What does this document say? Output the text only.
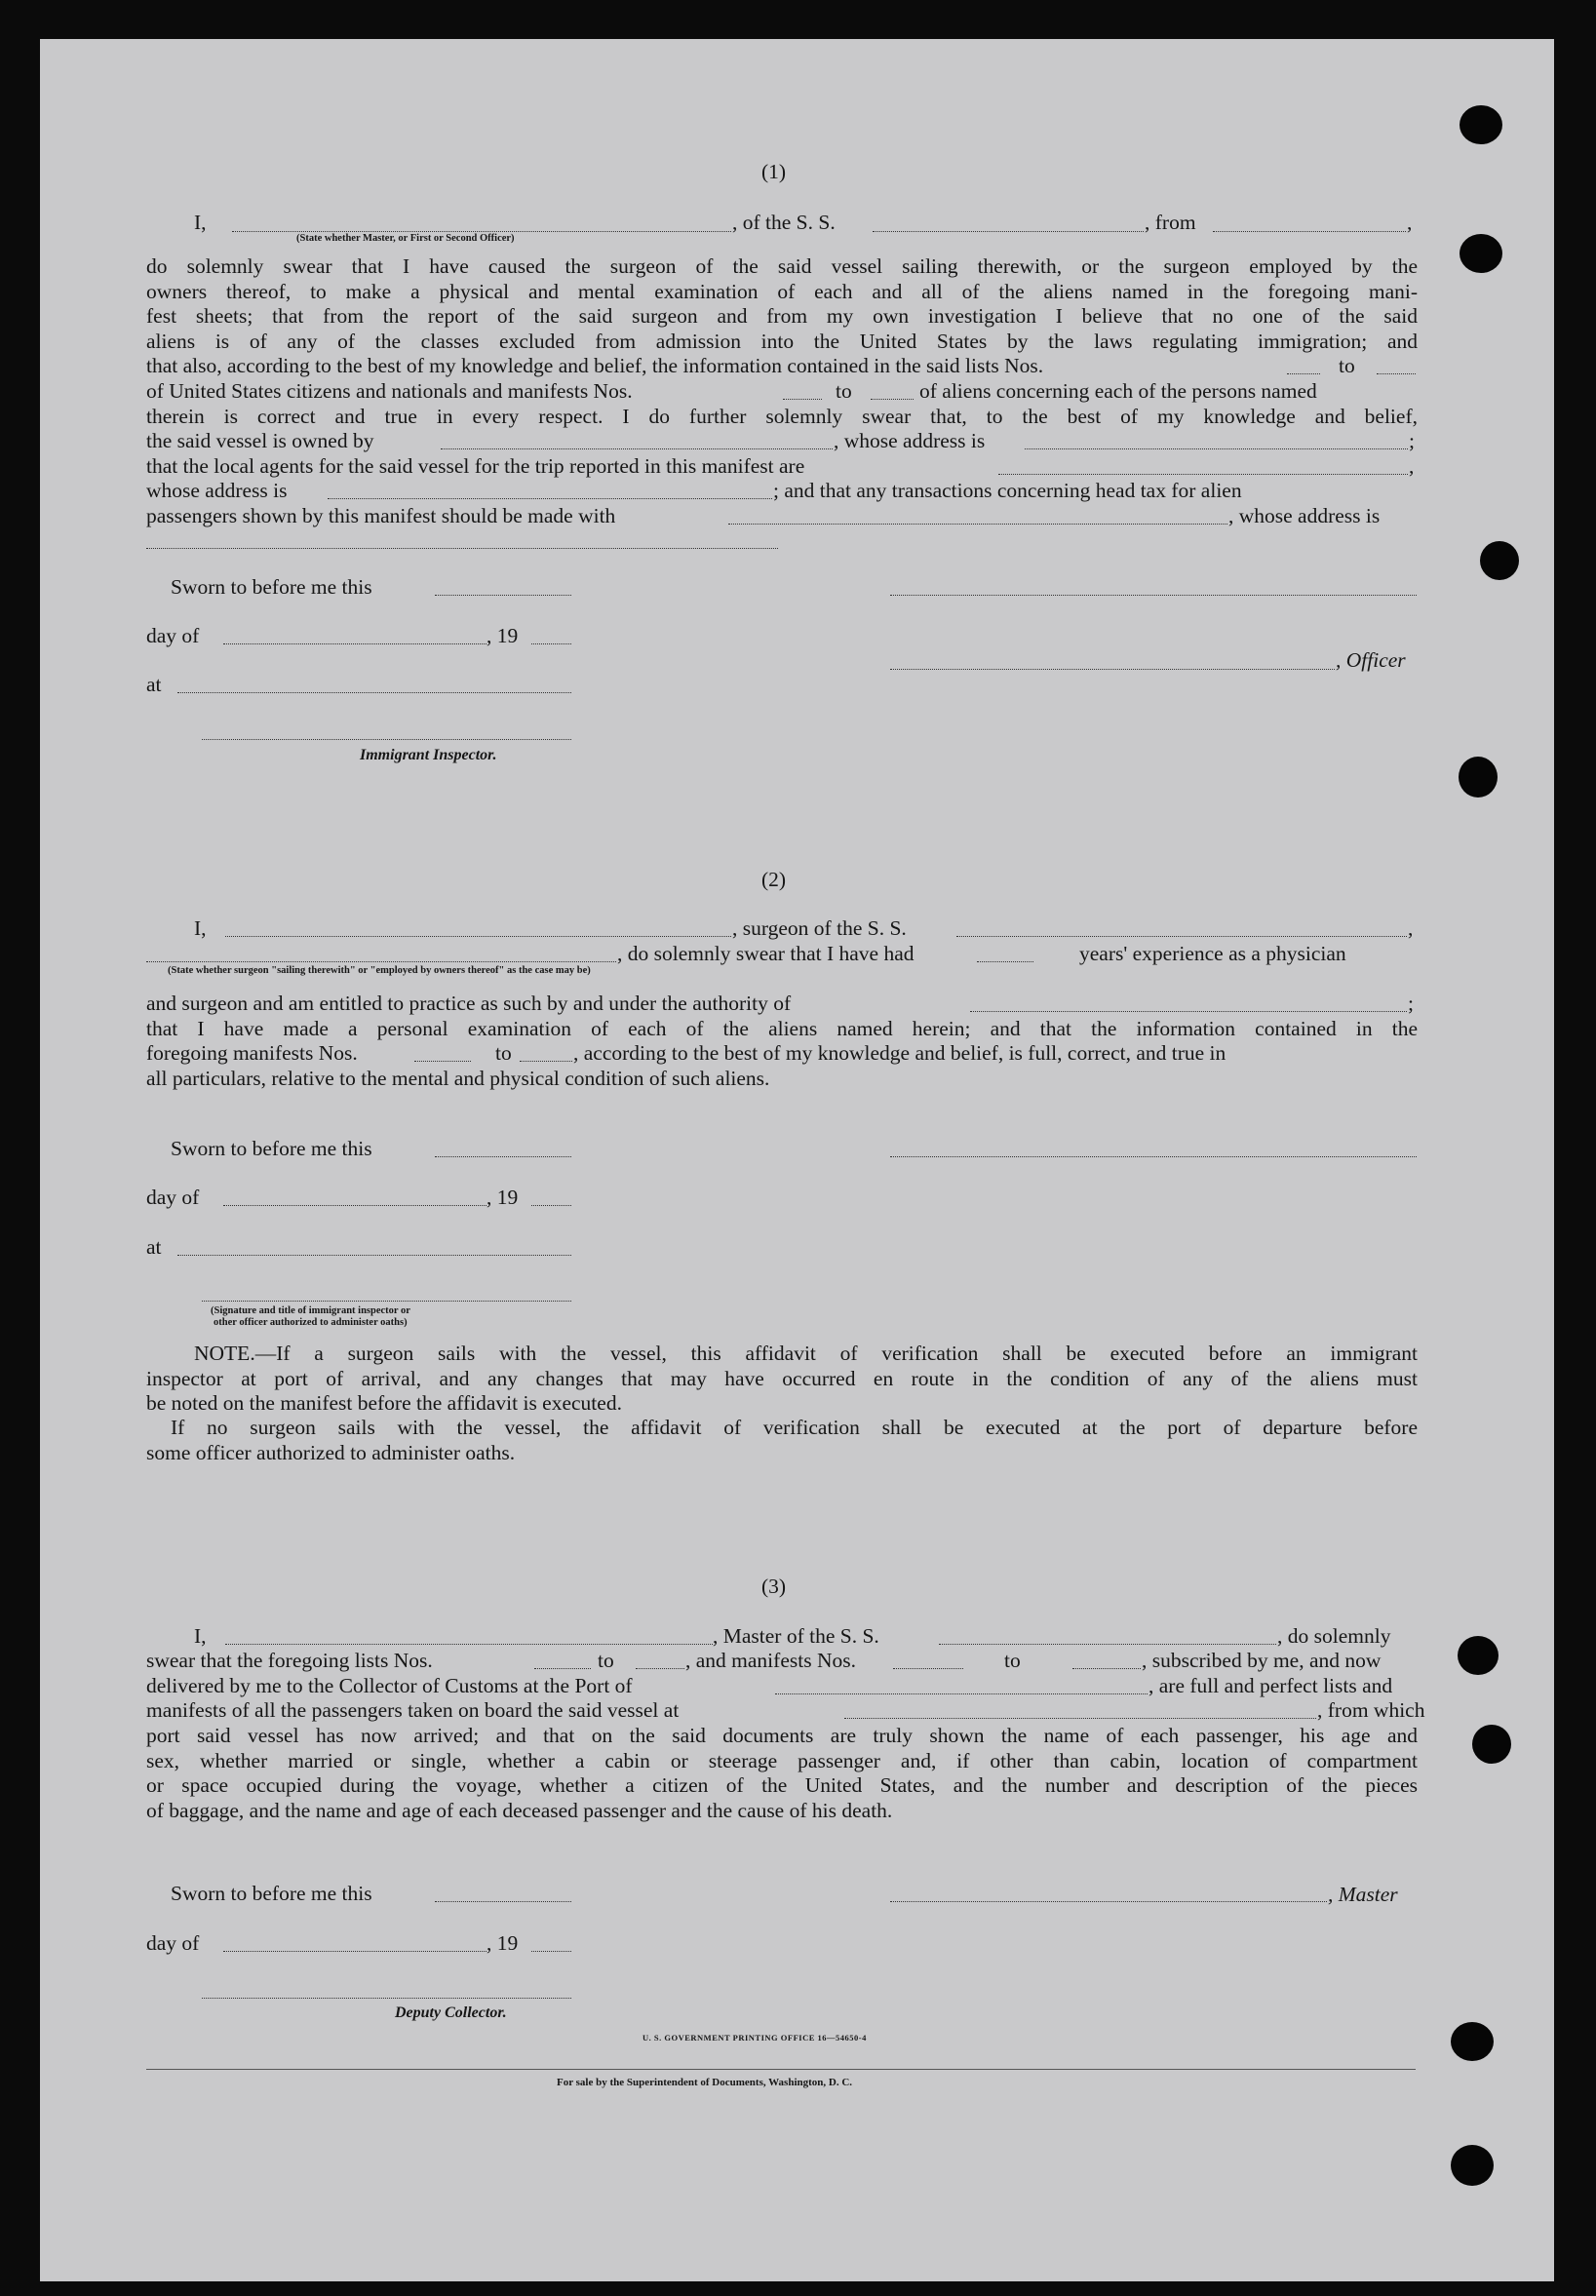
(1)
I,	, of the S. S.	, from	,
(State whether Master, or First or Second Officer)
do solemnly swear that I have caused the surgeon of the said vessel sailing therewith, or the surgeon employed by the
owners thereof, to make a physical and mental examination of each and all of the aliens named in the foregoing mani-
fest sheets; that from the report of the said surgeon and from my own investigation I believe that no one of the said
aliens is of any of the classes excluded from admission into the United States by the laws regulating immigration; and
that also, according to the best of my knowledge and belief, the information contained in the said lists Nos.	to
of United States citizens and nationals and manifests Nos.	to	of aliens concerning each of the persons named
therein is correct and true in every respect. I do further solemnly swear that, to the best of my knowledge and belief,
the said vessel is owned by	, whose address is	;
that the local agents for the said vessel for the trip reported in this manifest are	,
whose address is	; and that any transactions concerning head tax for alien
passengers shown by this manifest should be made with	, whose address is
Sworn to before me this
day of	, 19
, Officer
at
Immigrant Inspector.
(2)
I,	, surgeon of the S. S.	,
, do solemnly swear that I have had	years' experience as a physician
(State whether surgeon "sailing therewith" or "employed by owners thereof" as the case may be)
and surgeon and am entitled to practice as such by and under the authority of	;
that I have made a personal examination of each of the aliens named herein; and that the information contained in the
foregoing manifests Nos.	to	, according to the best of my knowledge and belief, is full, correct, and true in
all particulars, relative to the mental and physical condition of such aliens.
Sworn to before me this
day of	, 19
at
(Signature and title of immigrant inspector or
other officer authorized to administer oaths)
NOTE.—If a surgeon sails with the vessel, this affidavit of verification shall be executed before an immigrant
inspector at port of arrival, and any changes that may have occurred en route in the condition of any of the aliens must
be noted on the manifest before the affidavit is executed.
If no surgeon sails with the vessel, the affidavit of verification shall be executed at the port of departure before
some officer authorized to administer oaths.
(3)
I,	, Master of the S. S.	, do solemnly
swear that the foregoing lists Nos.	to	, and manifests Nos.	to	, subscribed by me, and now
delivered by me to the Collector of Customs at the Port of	, are full and perfect lists and
manifests of all the passengers taken on board the said vessel at	, from which
port said vessel has now arrived; and that on the said documents are truly shown the name of each passenger, his age and
sex, whether married or single, whether a cabin or steerage passenger and, if other than cabin, location of compartment
or space occupied during the voyage, whether a citizen of the United States, and the number and description of the pieces
of baggage, and the name and age of each deceased passenger and the cause of his death.
Sworn to before me this	, Master
day of	, 19
Deputy Collector.
U. S. GOVERNMENT PRINTING OFFICE 16—54650-4
For sale by the Superintendent of Documents, Washington, D. C.
